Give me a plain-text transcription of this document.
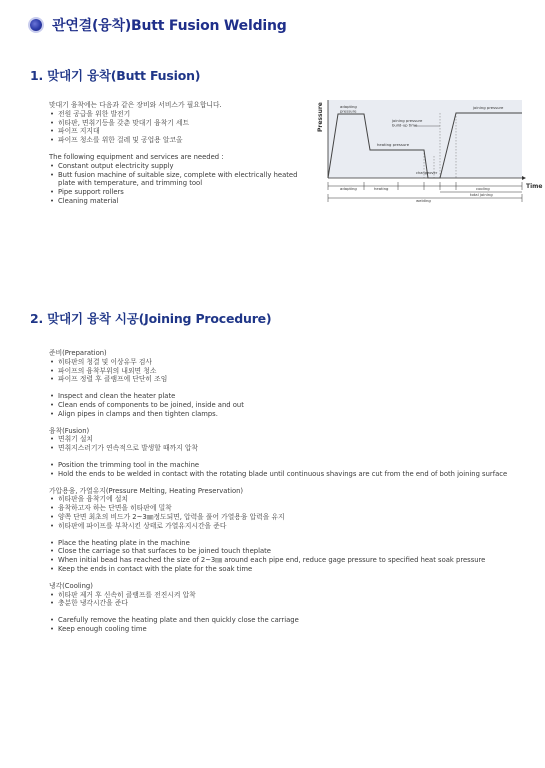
관연결(융착)Butt Fusion Welding
1. 맞대기 융착(Butt Fusion)
맞대기 융착에는 다음과 같은 장비와 서비스가 필요합니다.
• 전원 공급을 위한 발전기
• 히타판, 면취기등을 갖춘 맞대기 융착기 세트
• 파이프 지지대
• 파이프 청소를 위한 걸레 및 공업용 알코올
The following equipment and services are needed :
• Constant output electricity supply
• Butt fusion machine of suitable size, complete with electrically heated plate with temperature, and trimming tool
• Pipe support rollers
• Cleaning material
Pressure
Time
adapting pressure
joining pressure build-up time
joining pressure
heating pressure
changeover
adapting	heating	cooling
total joining
welding
2. 맞대기 융착 시공(Joining Procedure)
준비(Preparation)
• 히타판의 청결 및 이상유무 검사
• 파이프의 융착부위의 내외면 청소
• 파이프 정렬 후 클램프에 단단히 조임
• Inspect and clean the heater plate
• Clean ends of components to be joined, inside and out
• Align pipes in clamps and then tighten clamps.
융착(Fusion)
• 면취기 설치
• 면취지스러기가 연속적으로 발생할 때까지 압착
• Position the trimming tool in the machine
• Hold the ends to be welded in contact with the rotating blade until continuous shavings are cut from the end of both joining surface
가압용융, 가열유지(Pressure Melting, Heating Preservation)
• 히타판을 융착기에 설치
• 융착하고자 하는 단면을 히타판에 밀착
• 양쪽 단면 최초의 비드가 2~3㎜정도되면, 압력을 풀어 가열용융 압력을 유지
• 히타판에 파이프를 부착시킨 상태로 가열유지시간을 준다
• Place the heating plate in the machine
• Close the carriage so that surfaces to be joined touch theplate
• When initial bead has reached the size of 2~3㎜ around each pipe end, reduce gage pressure to specified heat soak pressure
• Keep the ends in contact with the plate for the soak time
냉각(Cooling)
• 히타판 제거 후 신속히 클램프를 전진시켜 압착
• 충분한 냉각시간을 준다
• Carefully remove the heating plate and then quickly close the carriage
• Keep enough cooling time
